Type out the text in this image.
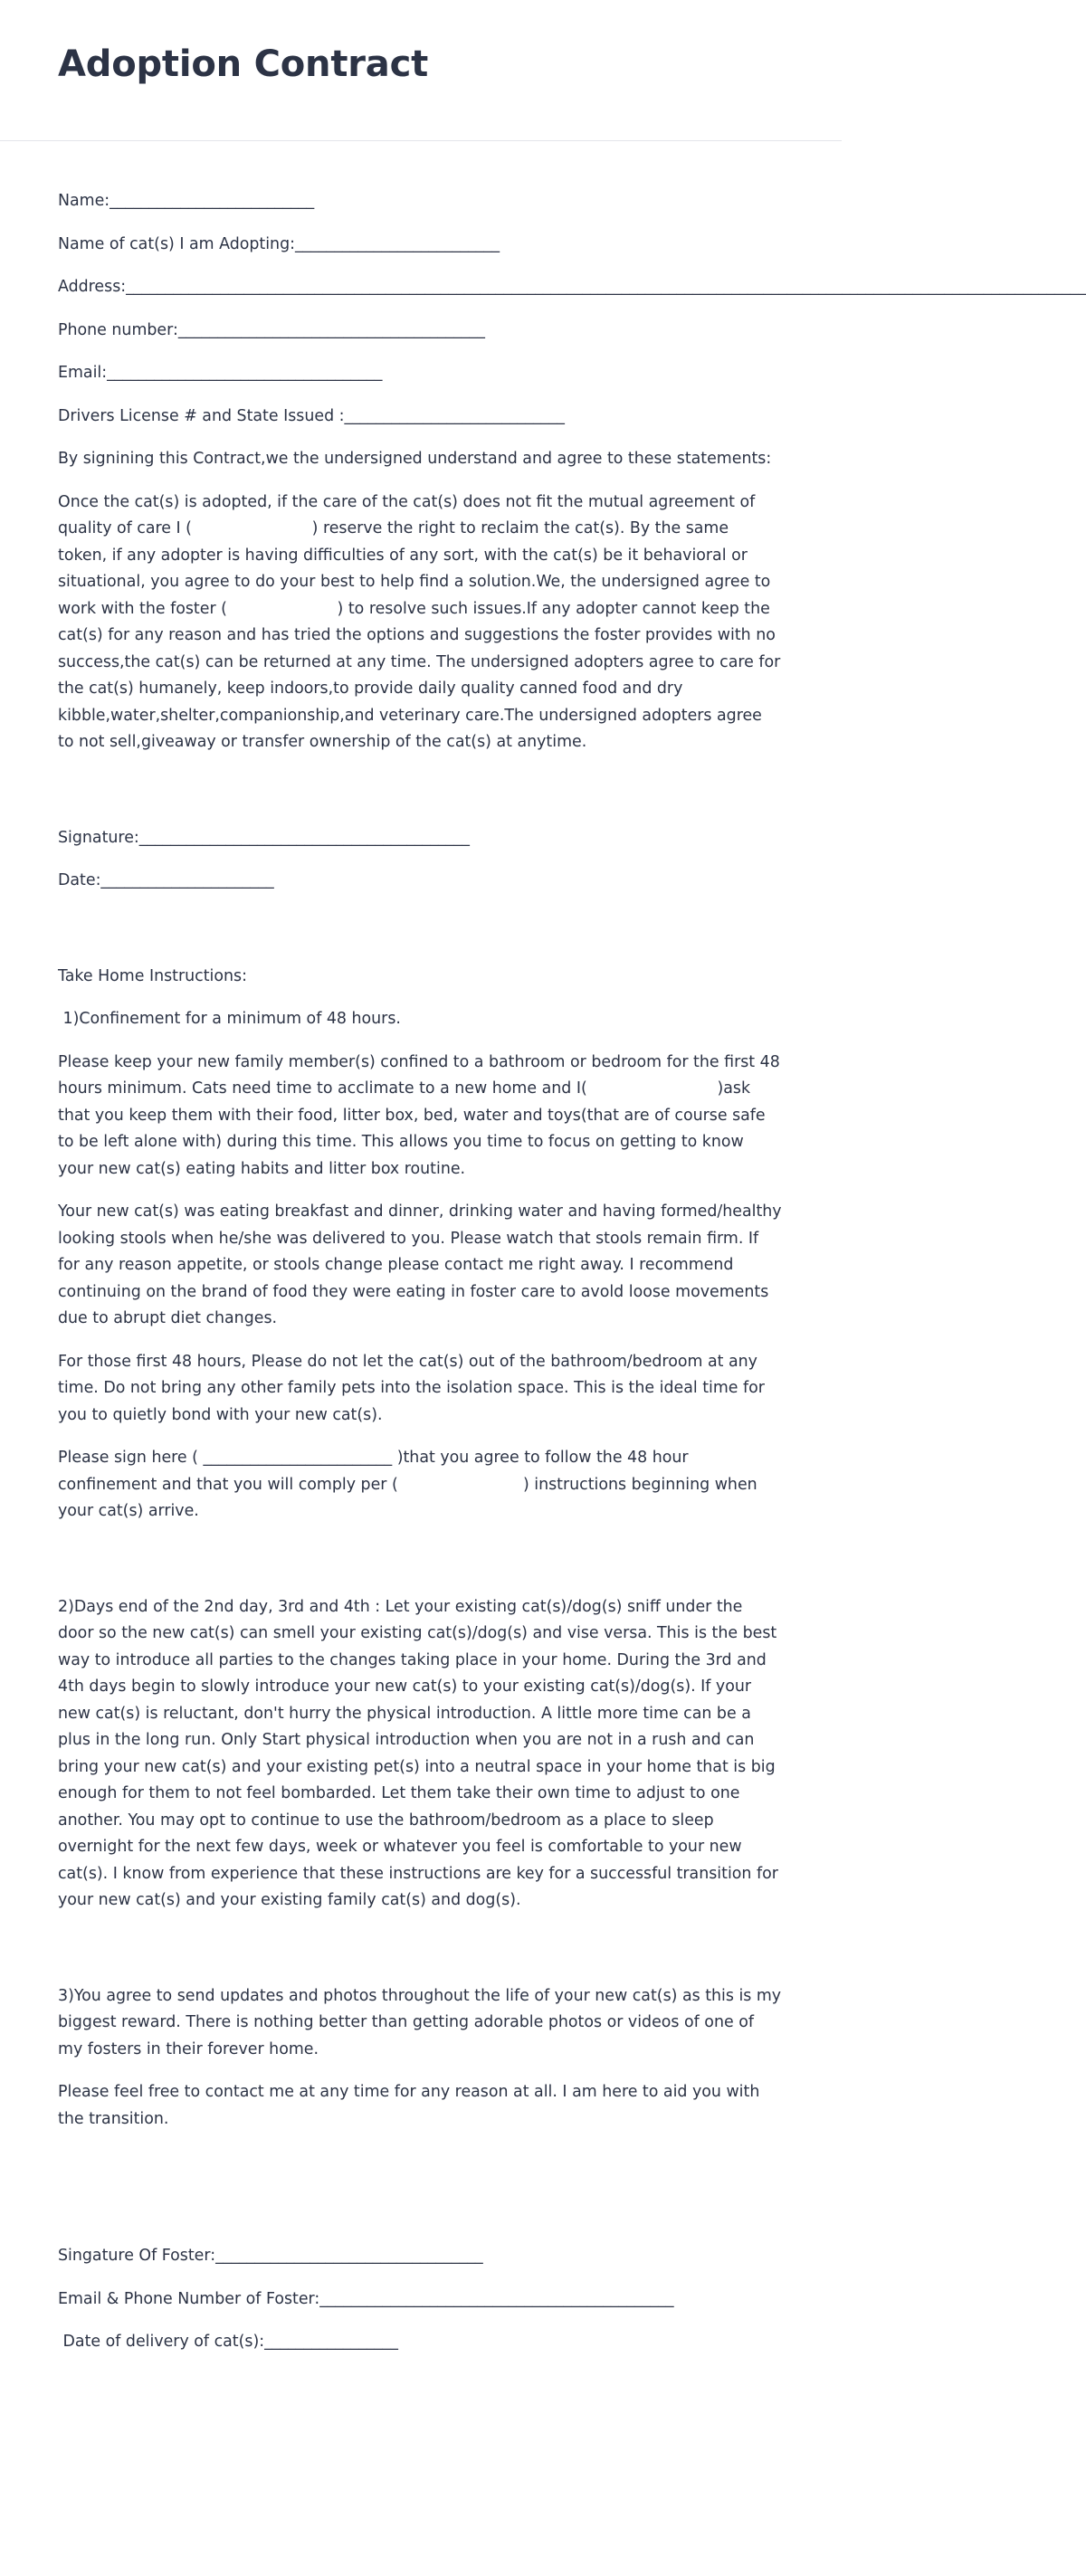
Adoption Contract

Name:__________________________

Name of cat(s) I am Adopting:__________________________

Address:__________________________________________________________________________________________________________________________

Phone number:_______________________________________

Email:___________________________________

Drivers License # and State Issued :____________________________

By signining this Contract,we the undersigned understand and agree to these statements:

Once the cat(s) is adopted, if the care of the cat(s) does not fit the mutual agreement of quality of care I (                        ) reserve the right to reclaim the cat(s). By the same token, if any adopter is having difficulties of any sort, with the cat(s) be it behavioral or situational, you agree to do your best to help find a solution.We, the undersigned agree to work with the foster (                      ) to resolve such issues.If any adopter cannot keep the cat(s) for any reason and has tried the options and suggestions the foster provides with no success,the cat(s) can be returned at any time. The undersigned adopters agree to care for the cat(s) humanely, keep indoors,to provide daily quality canned food and dry kibble,water,shelter,companionship,and veterinary care.The undersigned adopters agree to not sell,giveaway or transfer ownership of the cat(s) at anytime.

Signature:__________________________________________

Date:______________________

Take Home Instructions:

1)Confinement for a minimum of 48 hours.

Please keep your new family member(s) confined to a bathroom or bedroom for the first 48 hours minimum. Cats need time to acclimate to a new home and I(                          )ask that you keep them with their food, litter box, bed, water and toys(that are of course safe to be left alone with) during this time. This allows you time to focus on getting to know your new cat(s) eating habits and litter box routine.

Your new cat(s) was eating breakfast and dinner, drinking water and having formed/healthy looking stools when he/she was delivered to you. Please watch that stools remain firm. If for any reason appetite, or stools change please contact me right away. I recommend continuing on the brand of food they were eating in foster care to avold loose movements due to abrupt diet changes.

For those first 48 hours, Please do not let the cat(s) out of the bathroom/bedroom at any time. Do not bring any other family pets into the isolation space. This is the ideal time for you to quietly bond with your new cat(s).

Please sign here ( ________________________ )that you agree to follow the 48 hour confinement and that you will comply per (                         ) instructions beginning when your cat(s) arrive.

2)Days end of the 2nd day, 3rd and 4th : Let your existing cat(s)/dog(s) sniff under the door so the new cat(s) can smell your existing cat(s)/dog(s) and vise versa. This is the best way to introduce all parties to the changes taking place in your home. During the 3rd and 4th days begin to slowly introduce your new cat(s) to your existing cat(s)/dog(s). If your new cat(s) is reluctant, don't hurry the physical introduction. A little more time can be a plus in the long run. Only Start physical introduction when you are not in a rush and can bring your new cat(s) and your existing pet(s) into a neutral space in your home that is big enough for them to not feel bombarded. Let them take their own time to adjust to one another. You may opt to continue to use the bathroom/bedroom as a place to sleep overnight for the next few days, week or whatever you feel is comfortable to your new cat(s). I know from experience that these instructions are key for a successful transition for your new cat(s) and your existing family cat(s) and dog(s).

3)You agree to send updates and photos throughout the life of your new cat(s) as this is my biggest reward. There is nothing better than getting adorable photos or videos of one of my fosters in their forever home.

Please feel free to contact me at any time for any reason at all. I am here to aid you with the transition.

Singature Of Foster:__________________________________

Email & Phone Number of Foster:_____________________________________________

Date of delivery of cat(s):_________________
